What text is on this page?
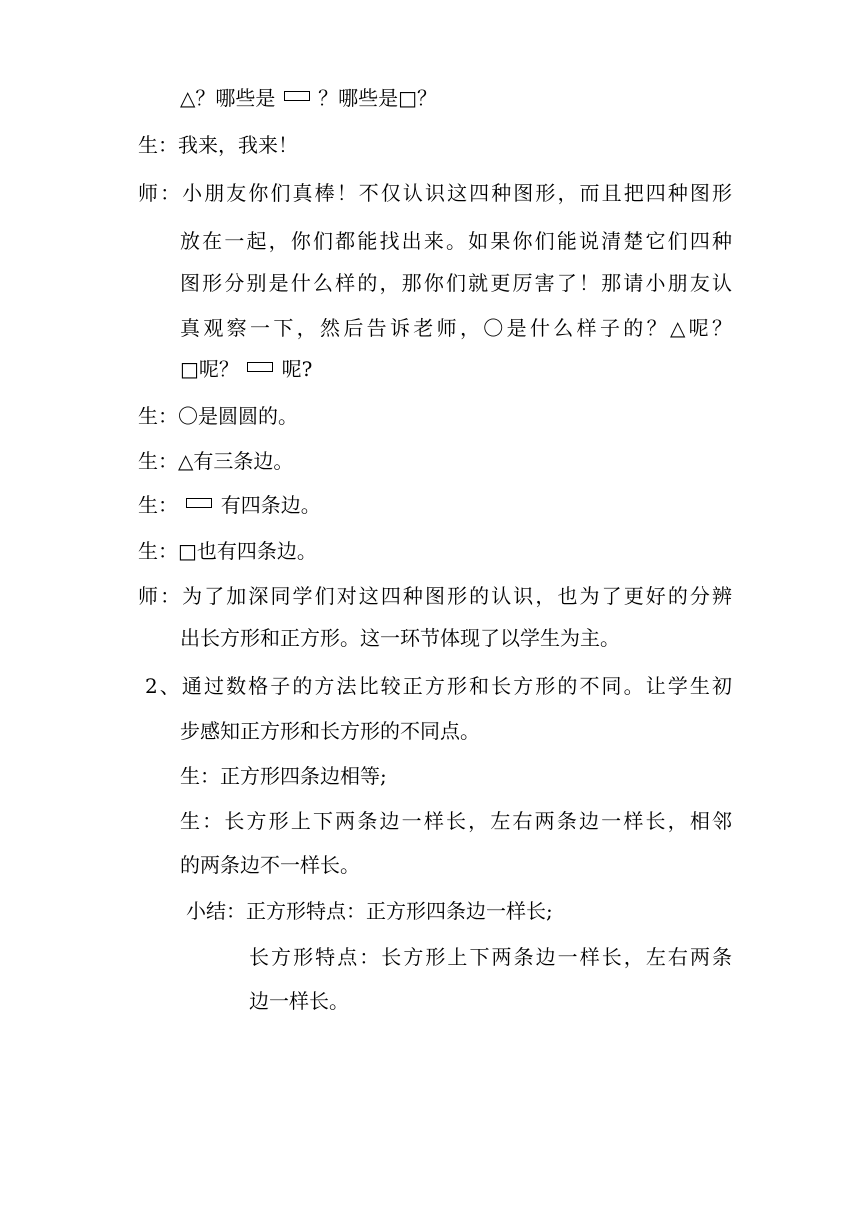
△？哪些是 ？哪些是□？
生：我来，我来！
师：小朋友你们真棒！不仅认识这四种图形，而且把四种图形
放在一起，你们都能找出来。如果你们能说清楚它们四种
图形分别是什么样的，那你们就更厉害了！那请小朋友认
真观察一下，然后告诉老师，〇是什么样子的？△呢？
□呢？ 呢?
生：〇是圆圆的。
生：△有三条边。
生： 有四条边。
生：□也有四条边。
师：为了加深同学们对这四种图形的认识，也为了更好的分辨
出长方形和正方形。这一环节体现了以学生为主。
2、通过数格子的方法比较正方形和长方形的不同。让学生初
步感知正方形和长方形的不同点。
生：正方形四条边相等;
生：长方形上下两条边一样长，左右两条边一样长，相邻
的两条边不一样长。
小结：正方形特点：正方形四条边一样长;
长方形特点：长方形上下两条边一样长，左右两条
边一样长。
